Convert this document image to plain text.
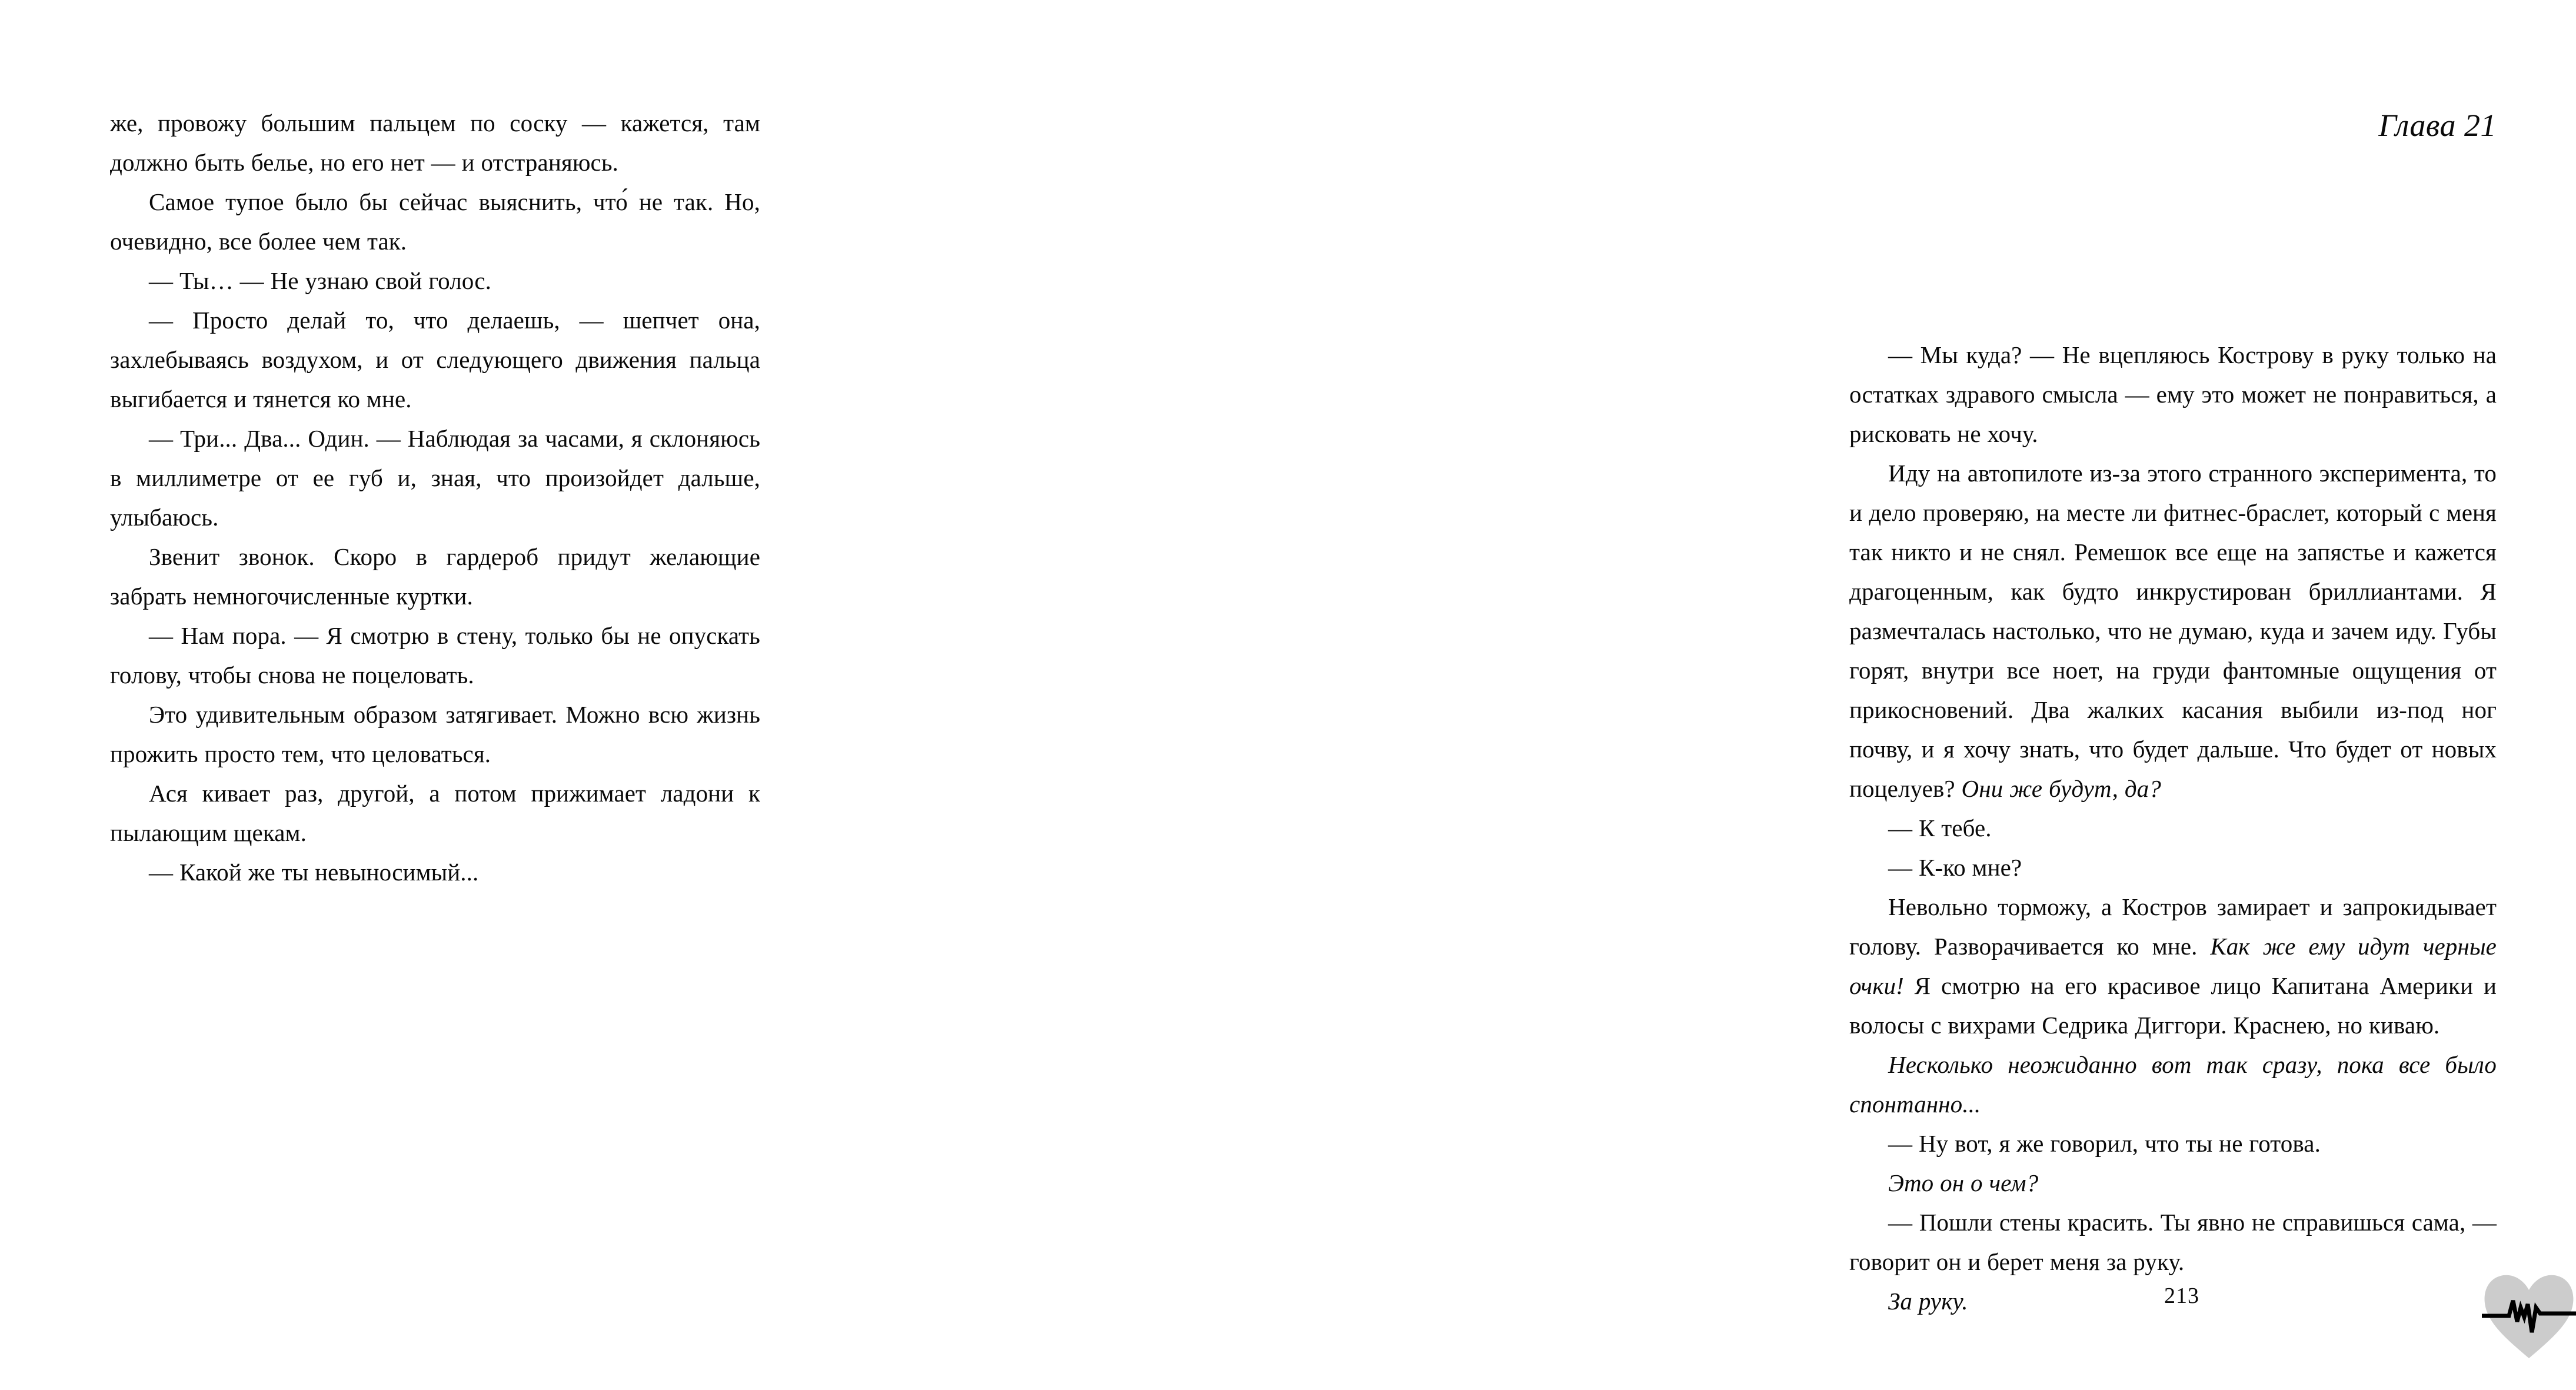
же, провожу большим пальцем по соску — кажется, там должно быть белье, но его нет — и отстраняюсь.

Самое тупое было бы сейчас выяснить, что́ не так. Но, очевидно, все более чем так.

— Ты… — Не узнаю свой голос.

— Просто делай то, что делаешь, — шепчет она, захлебываясь воздухом, и от следующего движения пальца выгибается и тянется ко мне.

— Три... Два... Один. — Наблюдая за часами, я склоняюсь в миллиметре от ее губ и, зная, что произойдет дальше, улыбаюсь.

Звенит звонок. Скоро в гардероб придут желающие забрать немногочисленные куртки.

— Нам пора. — Я смотрю в стену, только бы не опускать голову, чтобы снова не поцеловать.

Это удивительным образом затягивает. Можно всю жизнь прожить просто тем, что целоваться.

Ася кивает раз, другой, а потом прижимает ладони к пылающим щекам.

— Какой же ты невыносимый...

Глава 21

— Мы куда? — Не вцепляюсь Кострову в руку только на остатках здравого смысла — ему это может не понравиться, а рисковать не хочу.

Иду на автопилоте из-за этого странного эксперимента, то и дело проверяю, на месте ли фитнес-браслет, который с меня так никто и не снял. Ремешок все еще на запястье и кажется драгоценным, как будто инкрустирован бриллиантами. Я размечталась настолько, что не думаю, куда и зачем иду. Губы горят, внутри все ноет, на груди фантомные ощущения от прикосновений. Два жалких касания выбили из-под ног почву, и я хочу знать, что будет дальше. Что будет от новых поцелуев? Они же будут, да?

— К тебе.

— К-ко мне?

Невольно торможу, а Костров замирает и запрокидывает голову. Разворачивается ко мне. Как же ему идут черные очки! Я смотрю на его красивое лицо Капитана Америки и волосы с вихрами Седрика Диггори. Краснею, но киваю.

Несколько неожиданно вот так сразу, пока все было спонтанно...

— Ну вот, я же говорил, что ты не готова.

Это он о чем?

— Пошли стены красить. Ты явно не справишься сама, — говорит он и берет меня за руку.

За руку.	213
